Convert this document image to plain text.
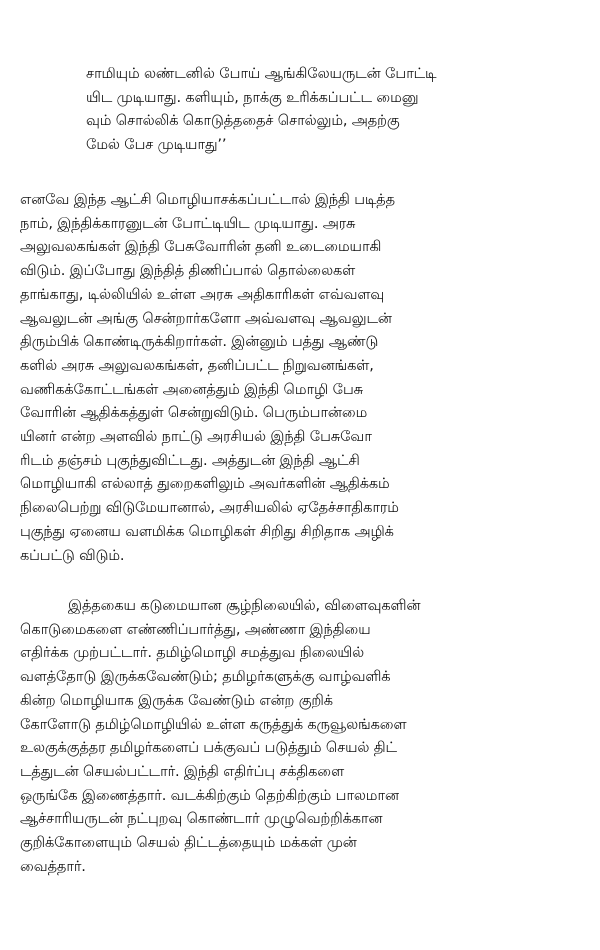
சாமியும் லண்டனில் போய் ஆங்கிலேயருடன் போட்டி
யிட முடியாது. களியும், நாக்கு உரிக்கப்பட்ட மைனு
வும் சொல்லிக் கொடுத்ததைச் சொல்லும், அதற்கு
மேல் பேச முடியாது’’
எனவே இந்த ஆட்சி மொழியாசக்கப்பட்டால் இந்தி படித்த
நாம், இந்திக்காரனுடன் போட்டியிட முடியாது. அரசு
அலுவலகங்கள் இந்தி பேசுவோரின் தனி உடைமையாகி
விடும். இப்போது இந்தித் திணிப்பால் தொல்லைகள்
தாங்காது, டில்லியில் உள்ள அரசு அதிகாரிகள் எவ்வளவு
ஆவலுடன் அங்கு சென்றார்களோ அவ்வளவு ஆவலுடன்
திரும்பிக் கொண்டிருக்கிறார்கள். இன்னும் பத்து ஆண்டு
களில் அரசு அலுவலகங்கள், தனிப்பட்ட நிறுவனங்கள்,
வணிகக்கோட்டங்கள் அனைத்தும் இந்தி மொழி பேசு
வோரின் ஆதிக்கத்துள் சென்றுவிடும். பெரும்பான்மை
யினர் என்ற அளவில் நாட்டு அரசியல் இந்தி பேசுவோ
ரிடம் தஞ்சம் புகுந்துவிட்டது. அத்துடன் இந்தி ஆட்சி
மொழியாகி எல்லாத் துறைகளிலும் அவர்களின் ஆதிக்கம்
நிலைபெற்று விடுமேயானால், அரசியலில் ஏதேச்சாதிகாரம்
புகுந்து ஏனைய வளமிக்க மொழிகள் சிறிது சிறிதாக அழிக்
கப்பட்டு விடும்.
இத்தகைய கடுமையான சூழ்நிலையில், விளைவுகளின்
கொடுமைகளை எண்ணிப்பார்த்து, அண்ணா இந்தியை
எதிர்க்க முற்பட்டார். தமிழ்மொழி சமத்துவ நிலையில்
வளத்தோடு இருக்கவேண்டும்; தமிழர்களுக்கு வாழ்வளிக்
கின்ற மொழியாக இருக்க வேண்டும் என்ற குறிக்
கோளோடு தமிழ்மொழியில் உள்ள கருத்துக் கருவூலங்களை
உலகுக்குத்தர தமிழர்களைப் பக்குவப் படுத்தும் செயல் திட்
டத்துடன் செயல்பட்டார். இந்தி எதிர்ப்பு சக்திகளை
ஒருங்கே இணைத்தார். வடக்கிற்கும் தெற்கிற்கும் பாலமான
ஆச்சாரியருடன் நட்புறவு கொண்டார் முழுவெற்றிக்கான
குறிக்கோளையும் செயல் திட்டத்தையும் மக்கள் முன்
வைத்தார்.
